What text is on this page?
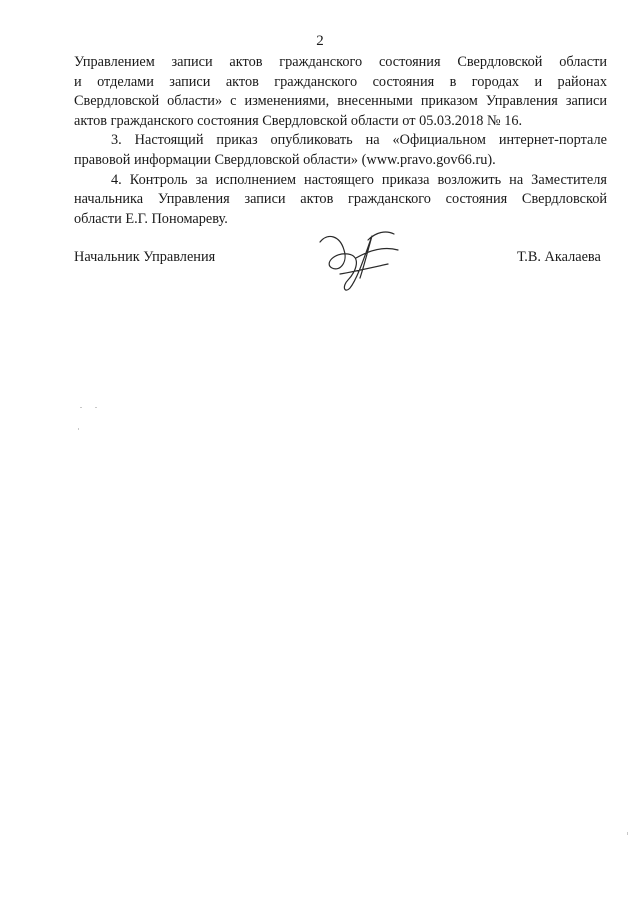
2

Управлением записи актов гражданского состояния Свердловской области
и отделами записи актов гражданского состояния в городах и районах
Свердловской области» с изменениями, внесенными приказом Управления записи
актов гражданского состояния Свердловской области от 05.03.2018 № 16.

3. Настоящий приказ опубликовать на «Официальном интернет-портале
правовой информации Свердловской области» (www.pravo.gov66.ru).

4. Контроль за исполнением настоящего приказа возложить на Заместителя
начальника Управления записи актов гражданского состояния Свердловской
области Е.Г. Пономареву.

Начальник Управления	Т.В. Акалаева
